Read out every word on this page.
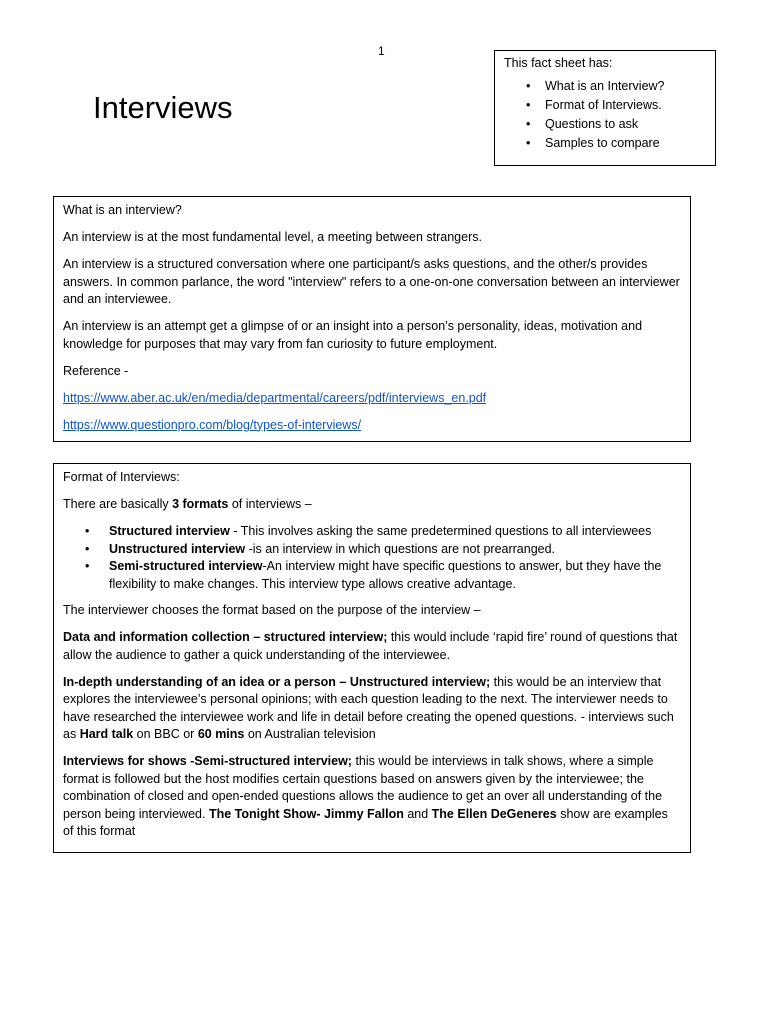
1
Interviews

This fact sheet has:

• What is an Interview?
• Format of Interviews.
• Questions to ask
• Samples to compare

What is an interview?

An interview is at the most fundamental level, a meeting between strangers.

An interview is a structured conversation where one participant/s asks questions, and the other/s provides answers. In common parlance, the word "interview" refers to a one-on-one conversation between an interviewer and an interviewee.

An interview is an attempt get a glimpse of or an insight into a person’s personality, ideas, motivation and knowledge for purposes that may vary from fan curiosity to future employment.

Reference -

https://www.aber.ac.uk/en/media/departmental/careers/pdf/interviews_en.pdf

https://www.questionpro.com/blog/types-of-interviews/

Format of Interviews:

There are basically 3 formats of interviews –

• Structured interview - This involves asking the same predetermined questions to all interviewees
• Unstructured interview -is an interview in which questions are not prearranged.
• Semi-structured interview-An interview might have specific questions to answer, but they have the flexibility to make changes. This interview type allows creative advantage.

The interviewer chooses the format based on the purpose of the interview –

Data and information collection – structured interview; this would include ‘rapid fire’ round of questions that allow the audience to gather a quick understanding of the interviewee.

In-depth understanding of an idea or a person – Unstructured interview; this would be an interview that explores the interviewee’s personal opinions; with each question leading to the next. The interviewer needs to have researched the interviewee work and life in detail before creating the opened questions. - interviews such as Hard talk on BBC or 60 mins on Australian television

Interviews for shows -Semi-structured interview; this would be interviews in talk shows, where a simple format is followed but the host modifies certain questions based on answers given by the interviewee; the combination of closed and open-ended questions allows the audience to get an over all understanding of the person being interviewed. The Tonight Show- Jimmy Fallon and The Ellen DeGeneres show are examples of this format
